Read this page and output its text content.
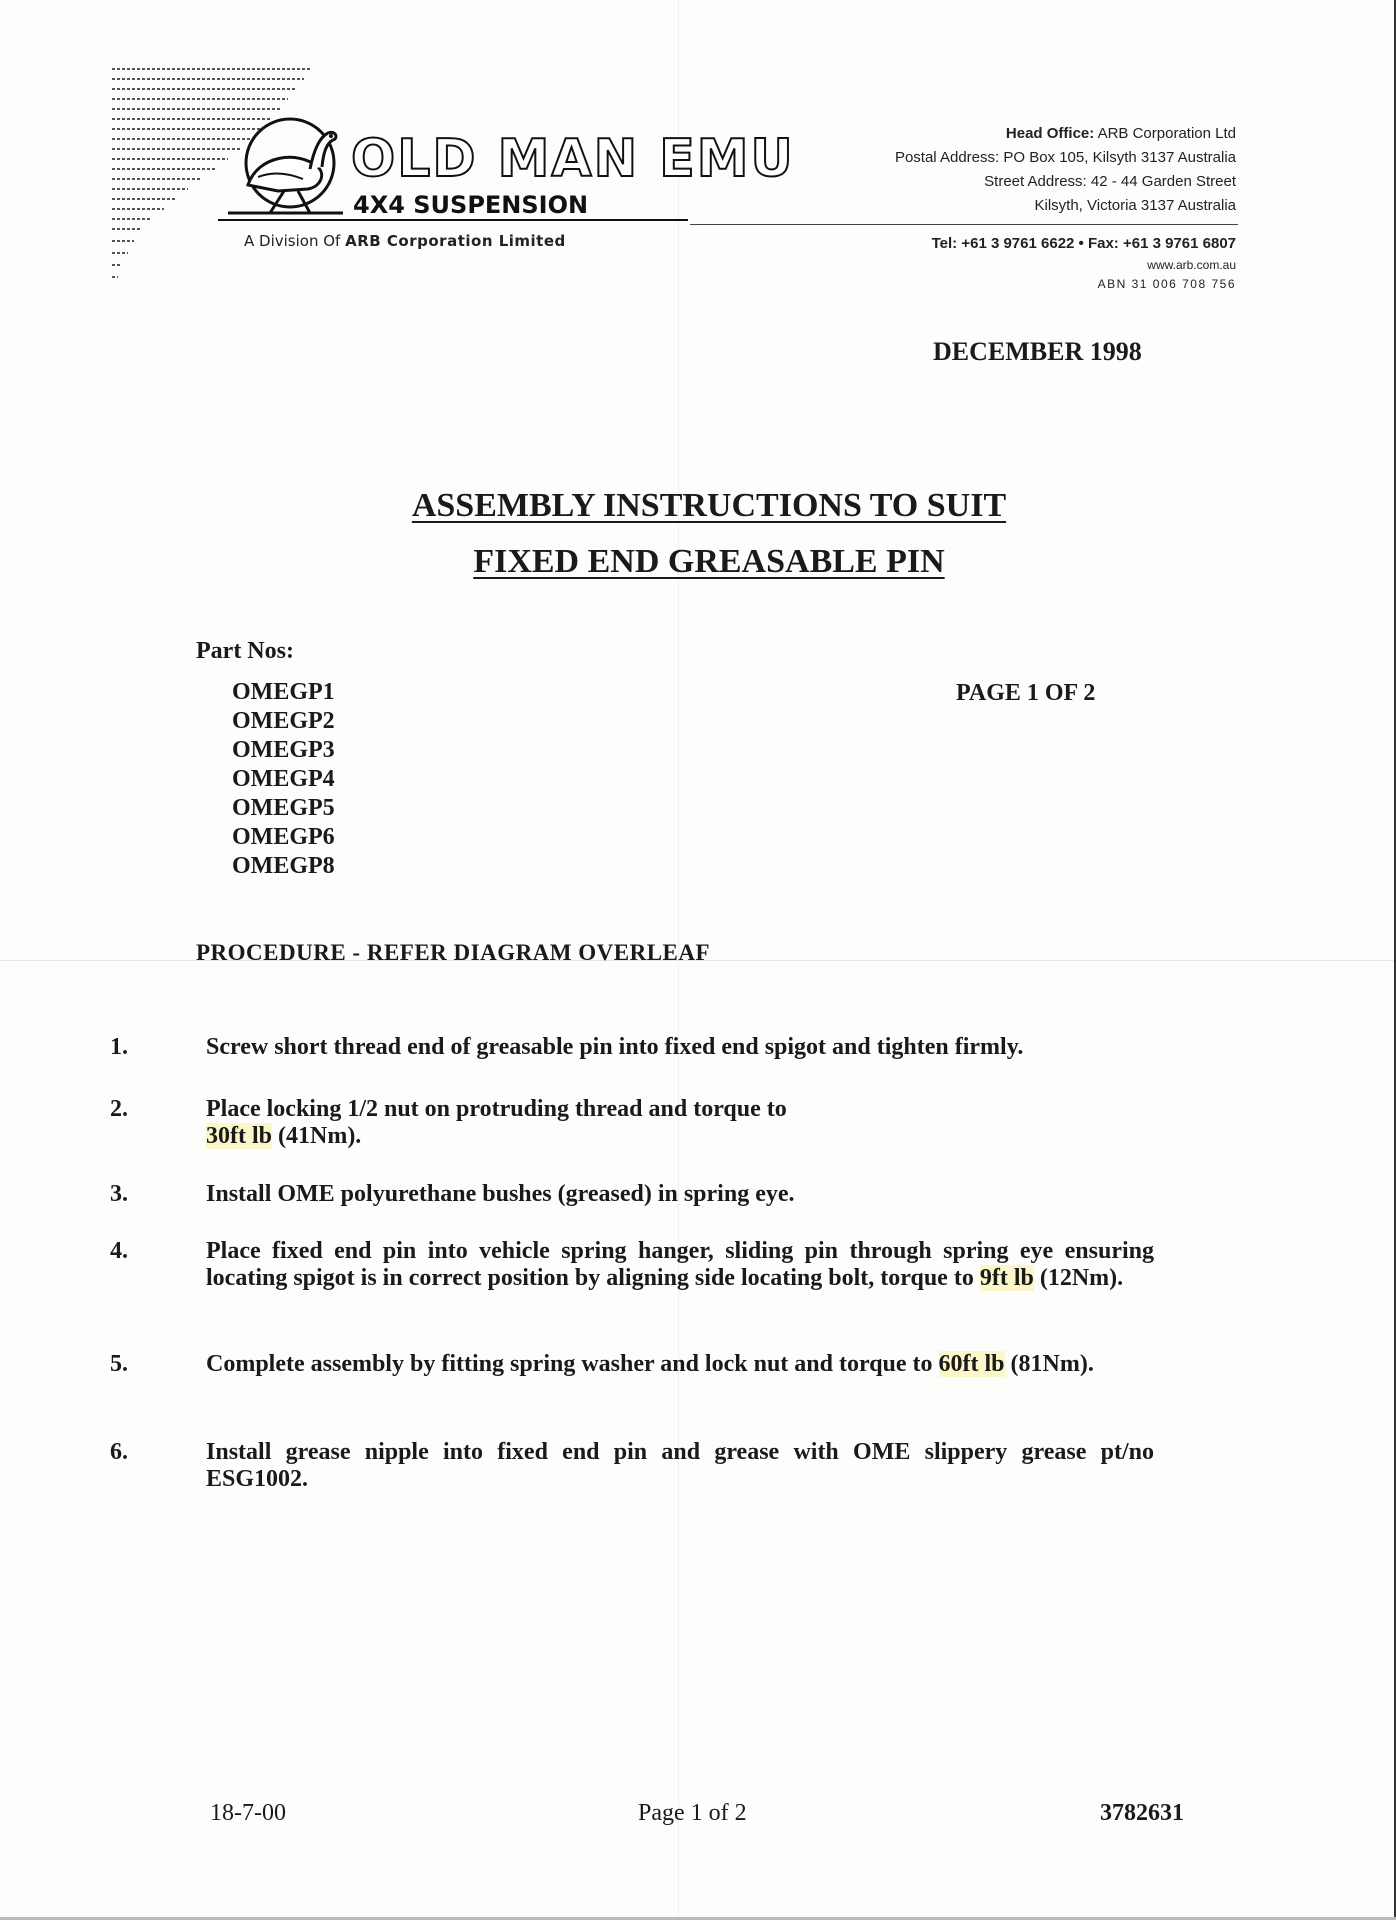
OLD MAN EMU
4X4 SUSPENSION
A Division Of ARB Corporation Limited
Head Office: ARB Corporation Ltd
Postal Address: PO Box 105, Kilsyth 3137 Australia
Street Address: 42 - 44 Garden Street
Kilsyth, Victoria 3137 Australia
Tel: +61 3 9761 6622 • Fax: +61 3 9761 6807
www.arb.com.au
ABN 31 006 708 756
DECEMBER 1998
ASSEMBLY INSTRUCTIONS TO SUIT
FIXED END GREASABLE PIN
Part Nos:
OMEGP1
OMEGP2
OMEGP3
OMEGP4
OMEGP5
OMEGP6
OMEGP8
PAGE 1 OF 2
PROCEDURE - REFER DIAGRAM OVERLEAF
1.	Screw short thread end of greasable pin into fixed end spigot and tighten firmly.
2.	Place locking 1/2 nut on protruding thread and torque to
30ft lb (41Nm).
3.	Install OME polyurethane bushes (greased) in spring eye.
4.	Place fixed end pin into vehicle spring hanger, sliding pin through spring eye ensuring locating spigot is in correct position by aligning side locating bolt, torque to 9ft lb (12Nm).
5.	Complete assembly by fitting spring washer and lock nut and torque to 60ft lb (81Nm).
6.	Install grease nipple into fixed end pin and grease with OME slippery grease pt/no ESG1002.
18-7-00	Page 1 of 2	3782631
